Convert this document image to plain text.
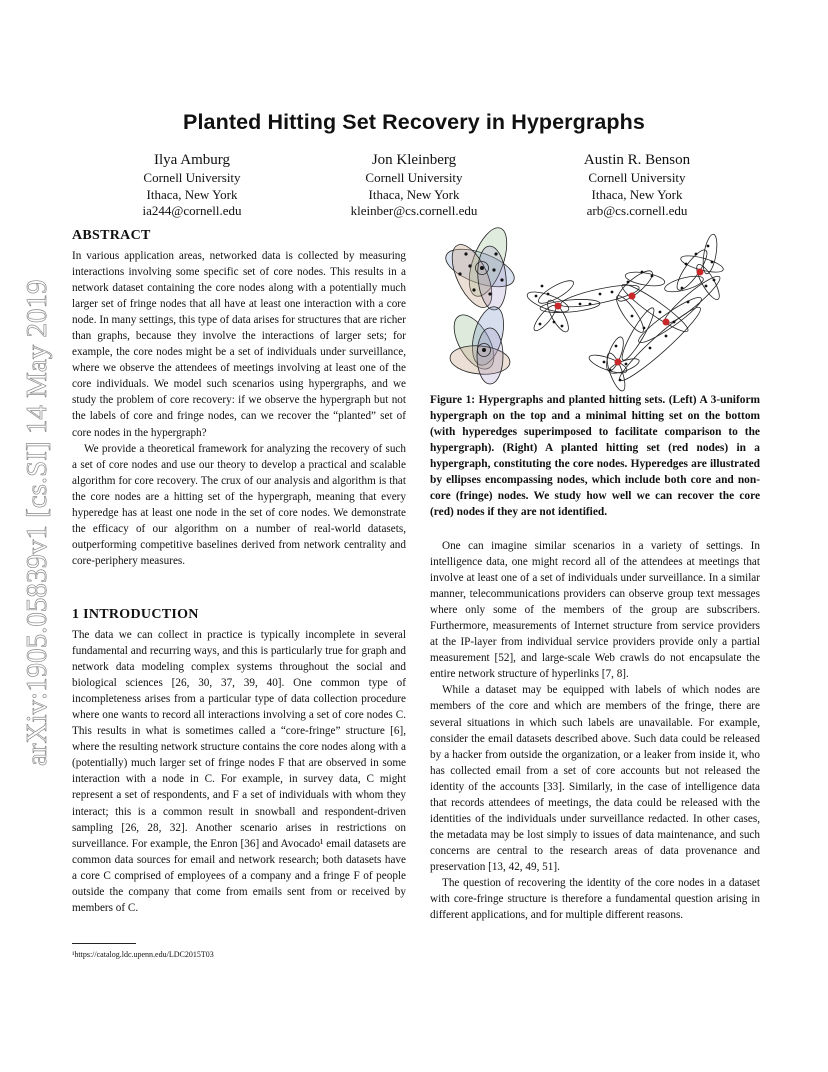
arXiv:1905.05839v1 [cs.SI] 14 May 2019
Planted Hitting Set Recovery in Hypergraphs
Ilya Amburg
Cornell University
Ithaca, New York
ia244@cornell.edu
Jon Kleinberg
Cornell University
Ithaca, New York
kleinber@cs.cornell.edu
Austin R. Benson
Cornell University
Ithaca, New York
arb@cs.cornell.edu
ABSTRACT

In various application areas, networked data is collected by measuring interactions involving some specific set of core nodes. This results in a network dataset containing the core nodes along with a potentially much larger set of fringe nodes that all have at least one interaction with a core node. In many settings, this type of data arises for structures that are richer than graphs, because they involve the interactions of larger sets; for example, the core nodes might be a set of individuals under surveillance, where we observe the attendees of meetings involving at least one of the core individuals. We model such scenarios using hypergraphs, and we study the problem of core recovery: if we observe the hypergraph but not the labels of core and fringe nodes, can we recover the “planted” set of core nodes in the hypergraph?

We provide a theoretical framework for analyzing the recovery of such a set of core nodes and use our theory to develop a practical and scalable algorithm for core recovery. The crux of our analysis and algorithm is that the core nodes are a hitting set of the hypergraph, meaning that every hyperedge has at least one node in the set of core nodes. We demonstrate the efficacy of our algorithm on a number of real-world datasets, outperforming competitive baselines derived from network centrality and core-periphery measures.

1 INTRODUCTION

The data we can collect in practice is typically incomplete in several fundamental and recurring ways, and this is particularly true for graph and network data modeling complex systems throughout the social and biological sciences [26, 30, 37, 39, 40]. One common type of incompleteness arises from a particular type of data collection procedure where one wants to record all interactions involving a set of core nodes C. This results in what is sometimes called a “core-fringe” structure [6], where the resulting network structure contains the core nodes along with a (potentially) much larger set of fringe nodes F that are observed in some interaction with a node in C. For example, in survey data, C might represent a set of respondents, and F a set of individuals with whom they interact; this is a common result in snowball and respondent-driven sampling [26, 28, 32]. Another scenario arises in restrictions on surveillance. For example, the Enron [36] and Avocado¹ email datasets are common data sources for email and network research; both datasets have a core C comprised of employees of a company and a fringe F of people outside the company that come from emails sent from or received by members of C.

¹https://catalog.ldc.upenn.edu/LDC2015T03
Figure 1: Hypergraphs and planted hitting sets. (Left) A 3-uniform hypergraph on the top and a minimal hitting set on the bottom (with hyperedges superimposed to facilitate comparison to the hypergraph). (Right) A planted hitting set (red nodes) in a hypergraph, constituting the core nodes. Hyperedges are illustrated by ellipses encompassing nodes, which include both core and non-core (fringe) nodes. We study how well we can recover the core (red) nodes if they are not identified.

One can imagine similar scenarios in a variety of settings. In intelligence data, one might record all of the attendees at meetings that involve at least one of a set of individuals under surveillance. In a similar manner, telecommunications providers can observe group text messages where only some of the members of the group are subscribers. Furthermore, measurements of Internet structure from service providers at the IP-layer from individual service providers provide only a partial measurement [52], and large-scale Web crawls do not encapsulate the entire network structure of hyperlinks [7, 8].

While a dataset may be equipped with labels of which nodes are members of the core and which are members of the fringe, there are several situations in which such labels are unavailable. For example, consider the email datasets described above. Such data could be released by a hacker from outside the organization, or a leaker from inside it, who has collected email from a set of core accounts but not released the identity of the accounts [33]. Similarly, in the case of intelligence data that records attendees of meetings, the data could be released with the identities of the individuals under surveillance redacted. In other cases, the metadata may be lost simply to issues of data maintenance, and such concerns are central to the research areas of data provenance and preservation [13, 42, 49, 51].

The question of recovering the identity of the core nodes in a dataset with core-fringe structure is therefore a fundamental question arising in different applications, and for multiple different reasons.
